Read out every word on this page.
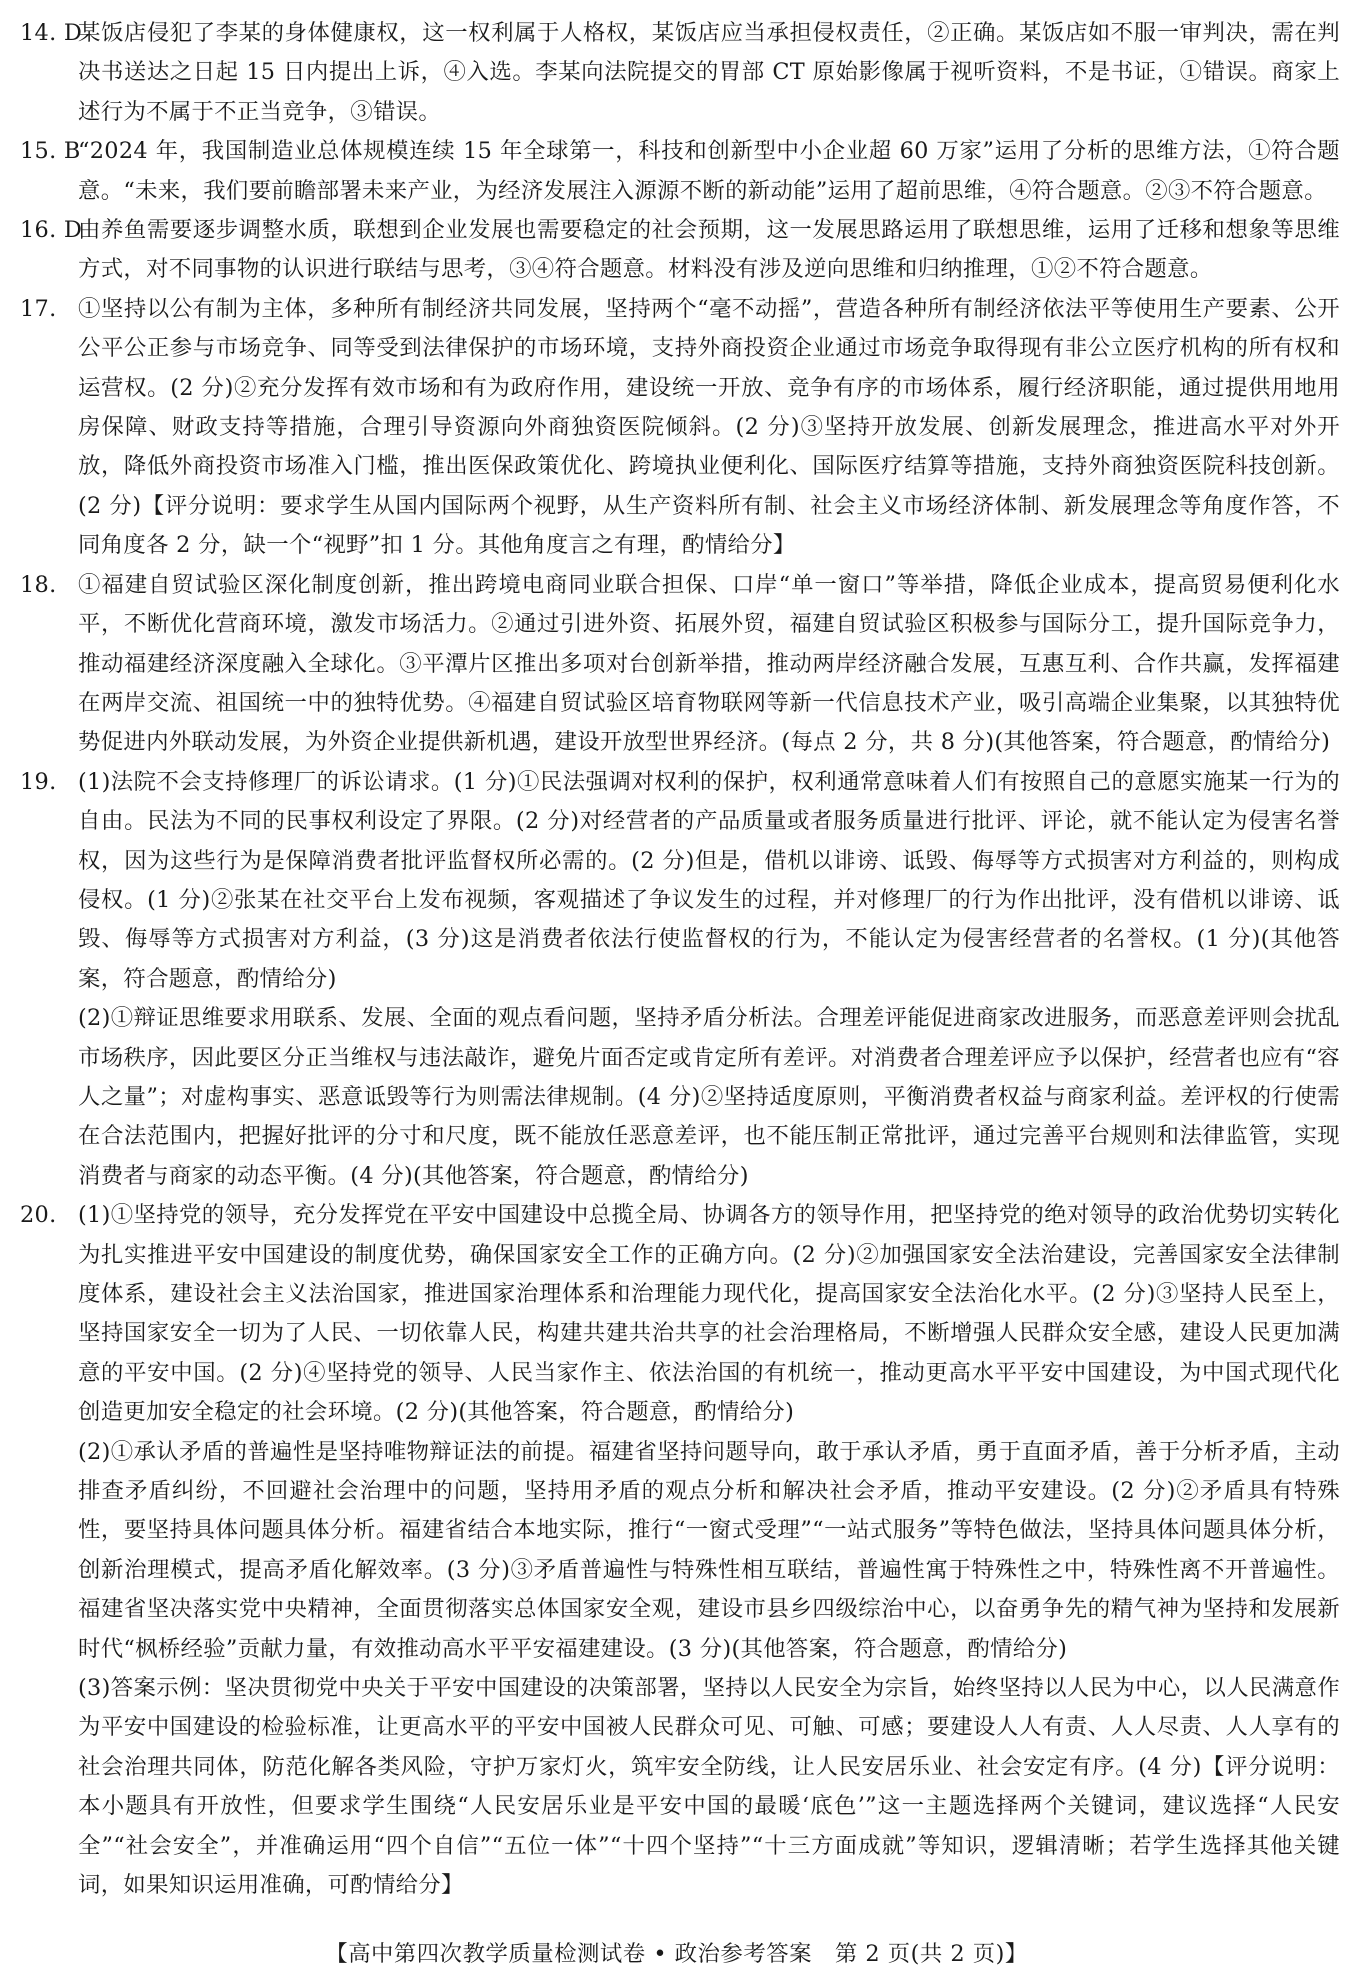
14. D
某饭店侵犯了李某的身体健康权，这一权利属于人格权，某饭店应当承担侵权责任，②正确。某饭店如不服一审判决，需在判决书送达之日起 15 日内提出上诉，④入选。李某向法院提交的胃部 CT 原始影像属于视听资料，不是书证，①错误。商家上述行为不属于不正当竞争，③错误。
15. B
“2024 年，我国制造业总体规模连续 15 年全球第一，科技和创新型中小企业超 60 万家”运用了分析的思维方法，①符合题意。“未来，我们要前瞻部署未来产业，为经济发展注入源源不断的新动能”运用了超前思维，④符合题意。②③不符合题意。
16. D
由养鱼需要逐步调整水质，联想到企业发展也需要稳定的社会预期，这一发展思路运用了联想思维，运用了迁移和想象等思维方式，对不同事物的认识进行联结与思考，③④符合题意。材料没有涉及逆向思维和归纳推理，①②不符合题意。
17. ①坚持以公有制为主体，多种所有制经济共同发展，坚持两个“毫不动摇”，营造各种所有制经济依法平等使用生产要素、公开公平公正参与市场竞争、同等受到法律保护的市场环境，支持外商投资企业通过市场竞争取得现有非公立医疗机构的所有权和运营权。(2 分)②充分发挥有效市场和有为政府作用，建设统一开放、竞争有序的市场体系，履行经济职能，通过提供用地用房保障、财政支持等措施，合理引导资源向外商独资医院倾斜。(2 分)③坚持开放发展、创新发展理念，推进高水平对外开放，降低外商投资市场准入门槛，推出医保政策优化、跨境执业便利化、国际医疗结算等措施，支持外商独资医院科技创新。(2 分)【评分说明：要求学生从国内国际两个视野，从生产资料所有制、社会主义市场经济体制、新发展理念等角度作答，不同角度各 2 分，缺一个“视野”扣 1 分。其他角度言之有理，酌情给分】
18. ①福建自贸试验区深化制度创新，推出跨境电商同业联合担保、口岸“单一窗口”等举措，降低企业成本，提高贸易便利化水平，不断优化营商环境，激发市场活力。②通过引进外资、拓展外贸，福建自贸试验区积极参与国际分工，提升国际竞争力，推动福建经济深度融入全球化。③平潭片区推出多项对台创新举措，推动两岸经济融合发展，互惠互利、合作共赢，发挥福建在两岸交流、祖国统一中的独特优势。④福建自贸试验区培育物联网等新一代信息技术产业，吸引高端企业集聚，以其独特优势促进内外联动发展，为外资企业提供新机遇，建设开放型世界经济。(每点 2 分，共 8 分)(其他答案，符合题意，酌情给分)
19. (1)法院不会支持修理厂的诉讼请求。(1 分)①民法强调对权利的保护，权利通常意味着人们有按照自己的意愿实施某一行为的自由。民法为不同的民事权利设定了界限。(2 分)对经营者的产品质量或者服务质量进行批评、评论，就不能认定为侵害名誉权，因为这些行为是保障消费者批评监督权所必需的。(2 分)但是，借机以诽谤、诋毁、侮辱等方式损害对方利益的，则构成侵权。(1 分)②张某在社交平台上发布视频，客观描述了争议发生的过程，并对修理厂的行为作出批评，没有借机以诽谤、诋毁、侮辱等方式损害对方利益，(3 分)这是消费者依法行使监督权的行为，不能认定为侵害经营者的名誉权。(1 分)(其他答案，符合题意，酌情给分)
(2)①辩证思维要求用联系、发展、全面的观点看问题，坚持矛盾分析法。合理差评能促进商家改进服务，而恶意差评则会扰乱市场秩序，因此要区分正当维权与违法敲诈，避免片面否定或肯定所有差评。对消费者合理差评应予以保护，经营者也应有“容人之量”；对虚构事实、恶意诋毁等行为则需法律规制。(4 分)②坚持适度原则，平衡消费者权益与商家利益。差评权的行使需在合法范围内，把握好批评的分寸和尺度，既不能放任恶意差评，也不能压制正常批评，通过完善平台规则和法律监管，实现消费者与商家的动态平衡。(4 分)(其他答案，符合题意，酌情给分)
20. (1)①坚持党的领导，充分发挥党在平安中国建设中总揽全局、协调各方的领导作用，把坚持党的绝对领导的政治优势切实转化为扎实推进平安中国建设的制度优势，确保国家安全工作的正确方向。(2 分)②加强国家安全法治建设，完善国家安全法律制度体系，建设社会主义法治国家，推进国家治理体系和治理能力现代化，提高国家安全法治化水平。(2 分)③坚持人民至上，坚持国家安全一切为了人民、一切依靠人民，构建共建共治共享的社会治理格局，不断增强人民群众安全感，建设人民更加满意的平安中国。(2 分)④坚持党的领导、人民当家作主、依法治国的有机统一，推动更高水平平安中国建设，为中国式现代化创造更加安全稳定的社会环境。(2 分)(其他答案，符合题意，酌情给分)
(2)①承认矛盾的普遍性是坚持唯物辩证法的前提。福建省坚持问题导向，敢于承认矛盾，勇于直面矛盾，善于分析矛盾，主动排查矛盾纠纷，不回避社会治理中的问题，坚持用矛盾的观点分析和解决社会矛盾，推动平安建设。(2 分)②矛盾具有特殊性，要坚持具体问题具体分析。福建省结合本地实际，推行“一窗式受理”“一站式服务”等特色做法，坚持具体问题具体分析，创新治理模式，提高矛盾化解效率。(3 分)③矛盾普遍性与特殊性相互联结，普遍性寓于特殊性之中，特殊性离不开普遍性。福建省坚决落实党中央精神，全面贯彻落实总体国家安全观，建设市县乡四级综治中心，以奋勇争先的精气神为坚持和发展新时代“枫桥经验”贡献力量，有效推动高水平平安福建建设。(3 分)(其他答案，符合题意，酌情给分)
(3)答案示例：坚决贯彻党中央关于平安中国建设的决策部署，坚持以人民安全为宗旨，始终坚持以人民为中心，以人民满意作为平安中国建设的检验标准，让更高水平的平安中国被人民群众可见、可触、可感；要建设人人有责、人人尽责、人人享有的社会治理共同体，防范化解各类风险，守护万家灯火，筑牢安全防线，让人民安居乐业、社会安定有序。(4 分)【评分说明：本小题具有开放性，但要求学生围绕“人民安居乐业是平安中国的最暖‘底色’”这一主题选择两个关键词，建议选择“人民安全”“社会安全”，并准确运用“四个自信”“五位一体”“十四个坚持”“十三方面成就”等知识，逻辑清晰；若学生选择其他关键词，如果知识运用准确，可酌情给分】
【高中第四次教学质量检测试卷 • 政治参考答案　第 2 页(共 2 页)】
